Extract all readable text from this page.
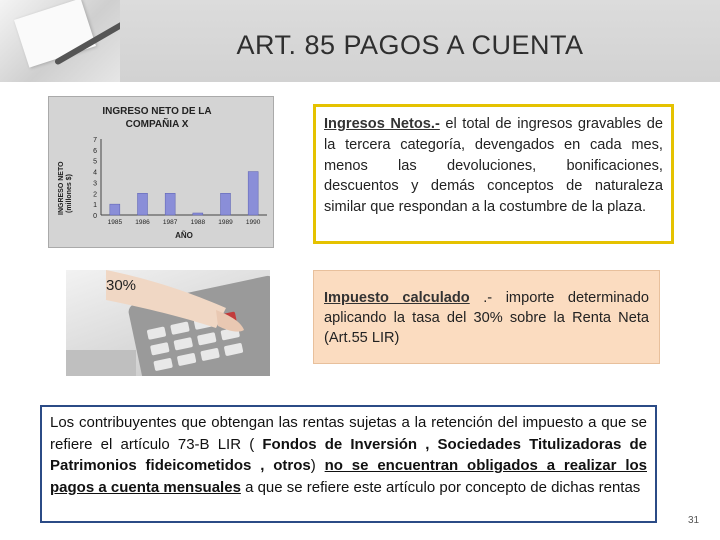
ART. 85 PAGOS A CUENTA
INGRESO NETO DE LA
COMPAÑIA X
INGRESO NETO (millones $)
0
1
2
3
4
5
6
7
1985 1986 1987 1988 1989 1990
AÑO
30%
Ingresos Netos.- el total de ingresos gravables de la tercera categoría, devengados en cada mes, menos las devoluciones, bonificaciones, descuentos y demás conceptos de naturaleza similar que respondan a la costumbre de la plaza.
Impuesto calculado .- importe determinado aplicando la tasa del 30% sobre la Renta Neta (Art.55 LIR)
Los contribuyentes que obtengan las rentas sujetas a la retención del impuesto a que se refiere el artículo 73-B LIR ( Fondos de Inversión , Sociedades Titulizadoras de Patrimonios fideicometidos , otros) no se encuentran obligados a realizar los pagos a cuenta mensuales a que se refiere este artículo por concepto de dichas rentas
31
